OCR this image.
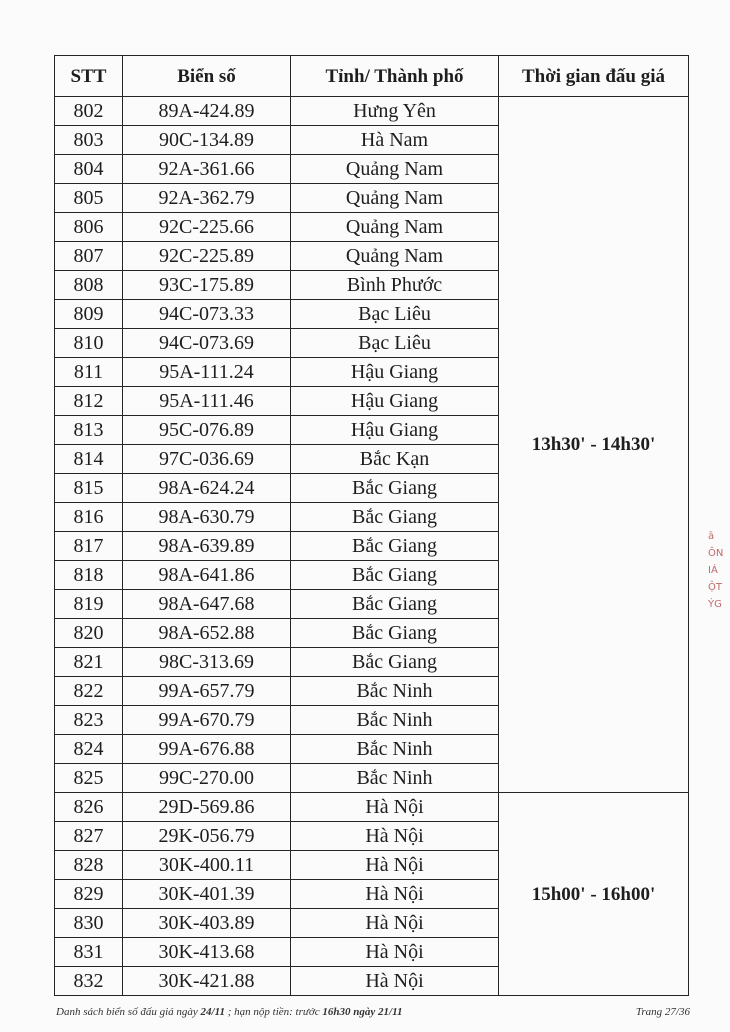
STT	Biển số	Tỉnh/ Thành phố	Thời gian đấu giá
802	89A-424.89	Hưng Yên	13h30' - 14h30'
803	90C-134.89	Hà Nam	
804	92A-361.66	Quảng Nam	
805	92A-362.79	Quảng Nam	
806	92C-225.66	Quảng Nam	
807	92C-225.89	Quảng Nam	
808	93C-175.89	Bình Phước	
809	94C-073.33	Bạc Liêu	
810	94C-073.69	Bạc Liêu	
811	95A-111.24	Hậu Giang	
812	95A-111.46	Hậu Giang	
813	95C-076.89	Hậu Giang	
814	97C-036.69	Bắc Kạn	
815	98A-624.24	Bắc Giang	
816	98A-630.79	Bắc Giang	
817	98A-639.89	Bắc Giang	
818	98A-641.86	Bắc Giang	
819	98A-647.68	Bắc Giang	
820	98A-652.88	Bắc Giang	
821	98C-313.69	Bắc Giang	
822	99A-657.79	Bắc Ninh	
823	99A-670.79	Bắc Ninh	
824	99A-676.88	Bắc Ninh	
825	99C-270.00	Bắc Ninh	
826	29D-569.86	Hà Nội	15h00' - 16h00'
827	29K-056.79	Hà Nội	
828	30K-400.11	Hà Nội	
829	30K-401.39	Hà Nội	
830	30K-403.89	Hà Nội	
831	30K-413.68	Hà Nội	
832	30K-421.88	Hà Nội	
Danh sách biển số đấu giá ngày 24/11 ; hạn nộp tiền: trước 16h30 ngày 21/11	Trang 27/36
ā
ÔN
IÁ
ỘT
ÝG
